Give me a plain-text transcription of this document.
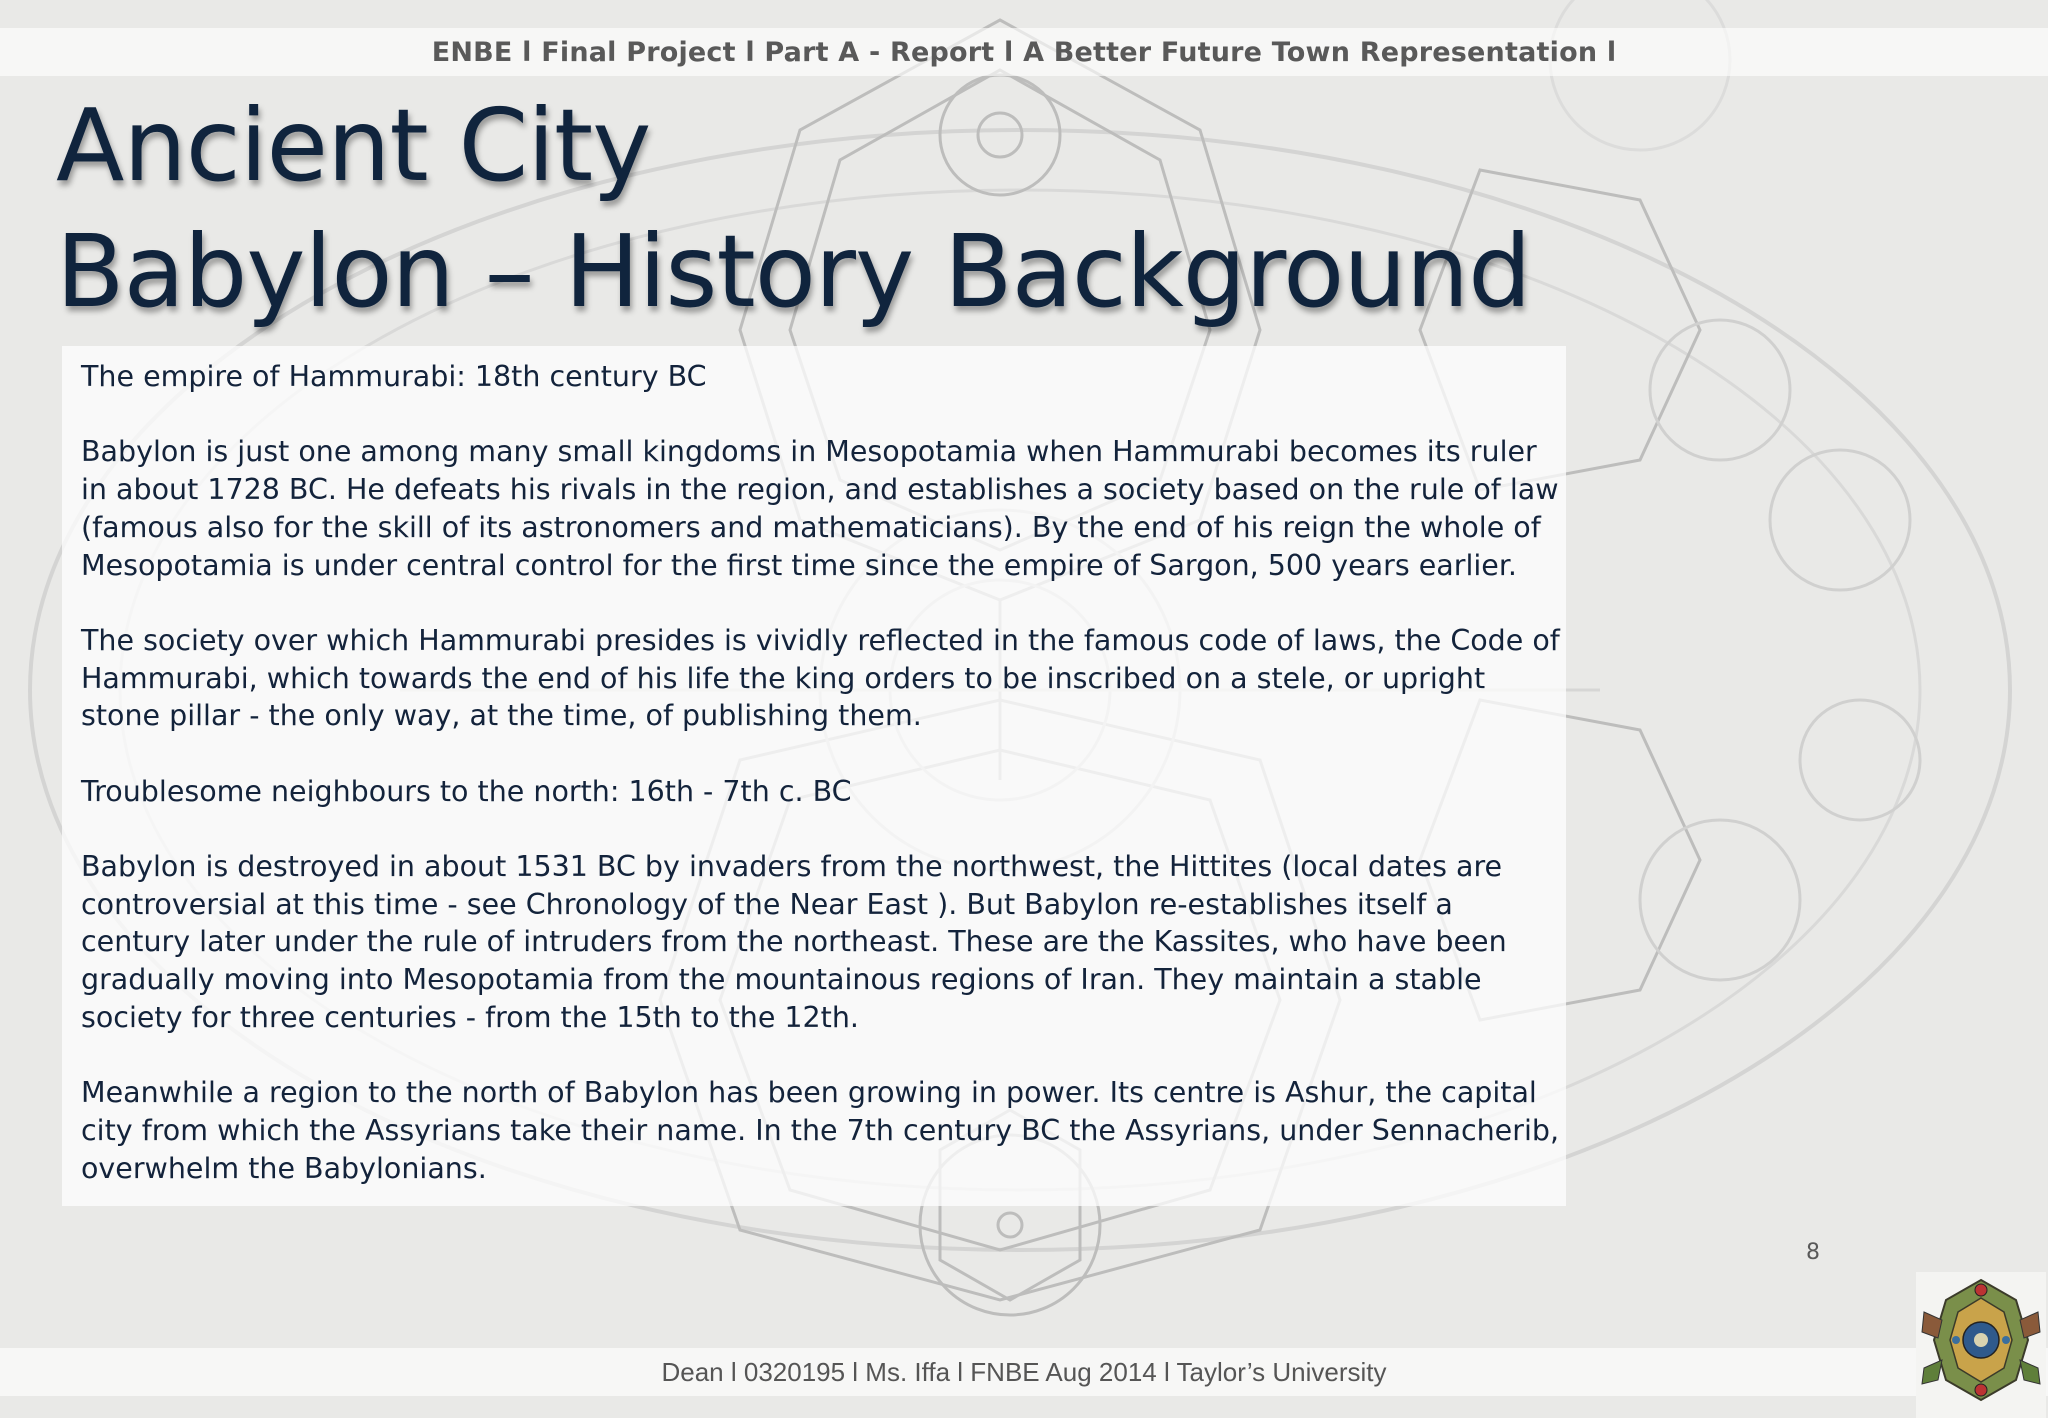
ENBE l Final Project l Part A - Report l A Better Future Town Representation l
Ancient City
Babylon – History Background

The empire of Hammurabi: 18th century BC

Babylon is just one among many small kingdoms in Mesopotamia when Hammurabi becomes its ruler in about 1728 BC. He defeats his rivals in the region, and establishes a society based on the rule of law (famous also for the skill of its astronomers and mathematicians). By the end of his reign the whole of Mesopotamia is under central control for the first time since the empire of Sargon, 500 years earlier.

The society over which Hammurabi presides is vividly reflected in the famous code of laws, the Code of Hammurabi, which towards the end of his life the king orders to be inscribed on a stele, or upright stone pillar - the only way, at the time, of publishing them.

Troublesome neighbours to the north: 16th - 7th c. BC

Babylon is destroyed in about 1531 BC by invaders from the northwest, the Hittites (local dates are controversial at this time - see Chronology of the Near East ). But Babylon re-establishes itself a century later under the rule of intruders from the northeast. These are the Kassites, who have been gradually moving into Mesopotamia from the mountainous regions of Iran. They maintain a stable society for three centuries - from the 15th to the 12th.

Meanwhile a region to the north of Babylon has been growing in power. Its centre is Ashur, the capital city from which the Assyrians take their name. In the 7th century BC the Assyrians, under Sennacherib, overwhelm the Babylonians.

8
Dean l 0320195 l Ms. Iffa l FNBE Aug 2014 l Taylor’s University
